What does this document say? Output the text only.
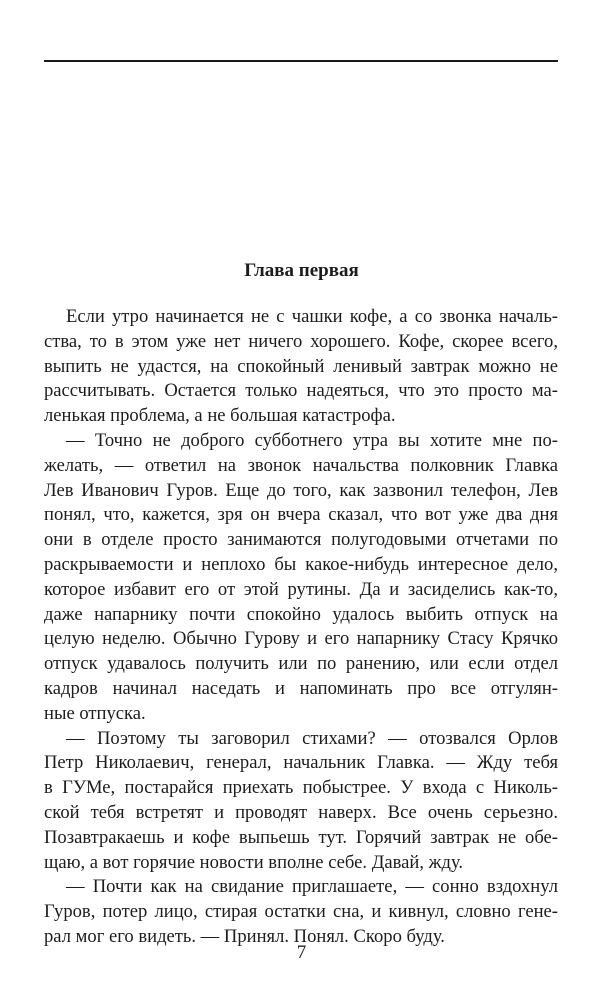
Глава первая
Если утро начинается не с чашки кофе, а со звонка началь-
ства, то в этом уже нет ничего хорошего. Кофе, скорее всего,
выпить не удастся, на спокойный ленивый завтрак можно не
рассчитывать. Остается только надеяться, что это просто ма-
ленькая проблема, а не большая катастрофа.
— Точно не доброго субботнего утра вы хотите мне по-
желать, — ответил на звонок начальства полковник Главка
Лев Иванович Гуров. Еще до того, как зазвонил телефон, Лев
понял, что, кажется, зря он вчера сказал, что вот уже два дня
они в отделе просто занимаются полугодовыми отчетами по
раскрываемости и неплохо бы какое-нибудь интересное дело,
которое избавит его от этой рутины. Да и засиделись как-то,
даже напарнику почти спокойно удалось выбить отпуск на
целую неделю. Обычно Гурову и его напарнику Стасу Крячко
отпуск удавалось получить или по ранению, или если отдел
кадров начинал наседать и напоминать про все отгулян-
ные отпуска.
— Поэтому ты заговорил стихами? — отозвался Орлов
Петр Николаевич, генерал, начальник Главка. — Жду тебя
в ГУМе, постарайся приехать побыстрее. У входа с Николь-
ской тебя встретят и проводят наверх. Все очень серьезно.
Позавтракаешь и кофе выпьешь тут. Горячий завтрак не обе-
щаю, а вот горячие новости вполне себе. Давай, жду.
— Почти как на свидание приглашаете, — сонно вздохнул
Гуров, потер лицо, стирая остатки сна, и кивнул, словно гене-
рал мог его видеть. — Принял. Понял. Скоро буду.
7
